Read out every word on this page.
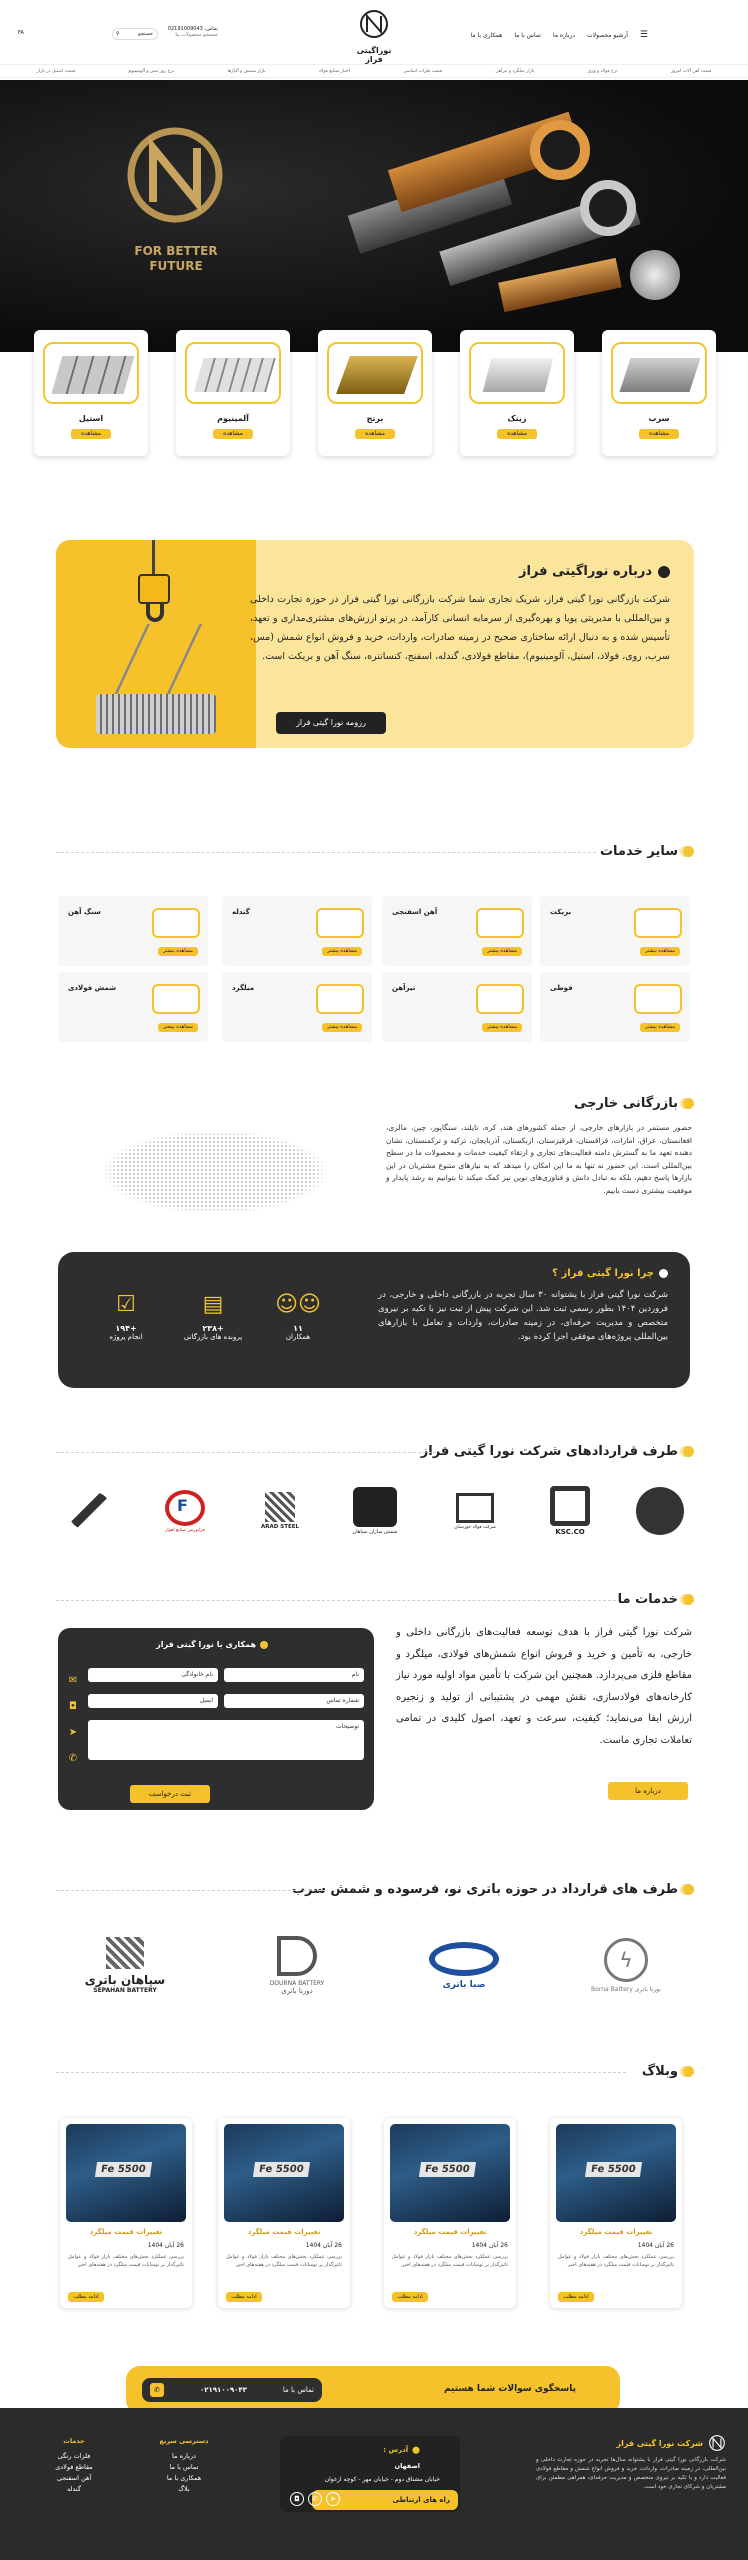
نوراگیتی فراز
☰
آرشیو محصولات
درباره ما
تماس با ما
همکاری با ما
تماس: 02191009043
جستجو محصولات ما
جستجو
⚲
FA
قیمت آهن آلات امروز
نرخ فولاد و ورق
بازار میلگرد و تیرآهن
قیمت فلزات اساسی
اخبار صنایع فولاد
بازار شمش و آلیاژها
نرخ روز مس و آلومینیوم
قیمت استیل در بازار
FOR BETTER FUTURE
سرب
مشاهده
زینک
مشاهده
برنج
مشاهده
آلمینیوم
مشاهده
استیل
مشاهده
درباره نوراگیتی فراز
شرکت بازرگانی نورا گیتی فراز، شریک تجاری شما شرکت بازرگانی نورا گیتی فراز در حوزه تجارت داخلی و بین‌المللی با مدیریتی پویا و بهره‌گیری از سرمایه انسانی کارآمد، در پرتو ارزش‌های مشتری‌مداری و تعهد، تأسیس شده و به دنبال ارائه ساختاری صحیح در زمینه صادرات، واردات، خرید و فروش انواع شمش (مس، سرب، روی، فولاد، استیل، آلومینیوم)، مقاطع فولادی، گندله، اسفنج، کنسانتره، سنگ آهن و بریکت است.
رزومه نورا گیتی فراز
سایر خدمات
بریکت
مشاهده بیشتر
آهن اسفنجی
مشاهده بیشتر
گندله
مشاهده بیشتر
سنگ آهن
مشاهده بیشتر
قوطی
مشاهده بیشتر
تیرآهن
مشاهده بیشتر
میلگرد
مشاهده بیشتر
شمش فولادی
مشاهده بیشتر
بازرگانی خارجی
حضور مستمر در بازارهای خارجی، از جمله کشورهای هند، کره، تایلند، سنگاپور، چین، مالزی، افغانستان، عراق، امارات، قزاقستان، قرقیزستان، ازبکستان، آذربایجان، ترکیه و ترکمنستان، نشان دهنده تعهد ما به گسترش دامنه فعالیت‌های تجاری و ارتقاء کیفیت خدمات و محصولات ما در سطح بین‌المللی است. این حضور نه تنها به ما این امکان را میدهد که به نیازهای متنوع مشتریان در این بازارها پاسخ دهیم، بلکه به تبادل دانش و فناوری‌های نوین نیز کمک میکند تا بتوانیم به رشد پایدار و موفقیت بیشتری دست یابیم.
چرا نورا گیتی فراز ؟
شرکت نورا گیتی فراز با پشتوانه ۳۰ سال تجربه در بازرگانی داخلی و خارجی، در فروردین ۱۴۰۴ بطور رسمی ثبت شد. این شرکت پیش از ثبت نیز با تکیه بر نیروی متخصص و مدیریت حرفه‌ای، در زمینه صادرات، واردات و تعامل با بازارهای بین‌المللی پروژه‌های موفقی اجرا کرده بود.
☺☺
۱۱
همکاران
▤
+۲۳۸
پرونده های بازرگانی
☑
+۱۹۴
انجام پروژه
طرف قراردادهای شرکت نورا گیتی فراز
KSC.CO
شرکت فولاد خوزستان
شمش سازان سپاهان
ARAD STEEL
F
فرابورس صنایع اهواز
خدمات ما
شرکت نورا گیتی فراز با هدف توسعه فعالیت‌های بازرگانی داخلی و خارجی، به تأمین و خرید و فروش انواع شمش‌های فولادی، میلگرد و مقاطع فلزی می‌پردازد. همچنین این شرکت با تأمین مواد اولیه مورد نیاز کارخانه‌های فولادسازی، نقش مهمی در پشتیبانی از تولید و زنجیره ارزش ایفا می‌نماید؛ کیفیت، سرعت و تعهد، اصول کلیدی در تمامی تعاملات تجاری ماست.
درباره ما
همکاری با نورا گیتی فراز
نام
نام خانوادگی
شماره تماس
ایمیل
توضیحات
ثبت درخواست
✉
◘
➤
✆
طرف های قرارداد در حوزه باتری نو، فرسوده و شمش سرب
ϟ
بورنا باتری Borna Battery
صبا باتری
DOURNA BATTERY
دورنا باتری
سپاهان باتری
SEPAHAN BATTERY
وبلاگ
Fe 5500
تغییرات قیمت میلگرد
26 آبان 1404
بررسی عملکرد بخش‌های مختلف بازار فولاد و عوامل تاثیرگذار بر نوسانات قیمت میلگرد در هفته‌های اخیر
ادامه مطلب
Fe 5500
تغییرات قیمت میلگرد
26 آبان 1404
بررسی عملکرد بخش‌های مختلف بازار فولاد و عوامل تاثیرگذار بر نوسانات قیمت میلگرد در هفته‌های اخیر
ادامه مطلب
Fe 5500
تغییرات قیمت میلگرد
26 آبان 1404
بررسی عملکرد بخش‌های مختلف بازار فولاد و عوامل تاثیرگذار بر نوسانات قیمت میلگرد در هفته‌های اخیر
ادامه مطلب
Fe 5500
تغییرات قیمت میلگرد
26 آبان 1404
بررسی عملکرد بخش‌های مختلف بازار فولاد و عوامل تاثیرگذار بر نوسانات قیمت میلگرد در هفته‌های اخیر
ادامه مطلب
پاسخگوی سوالات شما هستیم
تماس با ما
۰۲۱۹۱۰۰۹۰۴۳
✆
شرکت نورا گیتی فراز
شرکت بازرگانی نورا گیتی فراز با پشتوانه سال‌ها تجربه در حوزه تجارت داخلی و بین‌المللی، در زمینه صادرات، واردات، خرید و فروش انواع شمش و مقاطع فولادی فعالیت دارد و با تکیه بر نیروی متخصص و مدیریت حرفه‌ای، همراهی مطمئن برای مشتریان و شرکای تجاری خود است.
⬤
آدرس :
اصفهان
خیابان مشتاق دوم - خیابان مهر - کوچه ارغوان
راه های ارتباطی
➤
✆
◘
دسترسی سریع
درباره ما
تماس با ما
همکاری با ما
بلاگ
خدمات
فلزات رنگی
مقاطع فولادی
آهن اسفنجی
گندله
